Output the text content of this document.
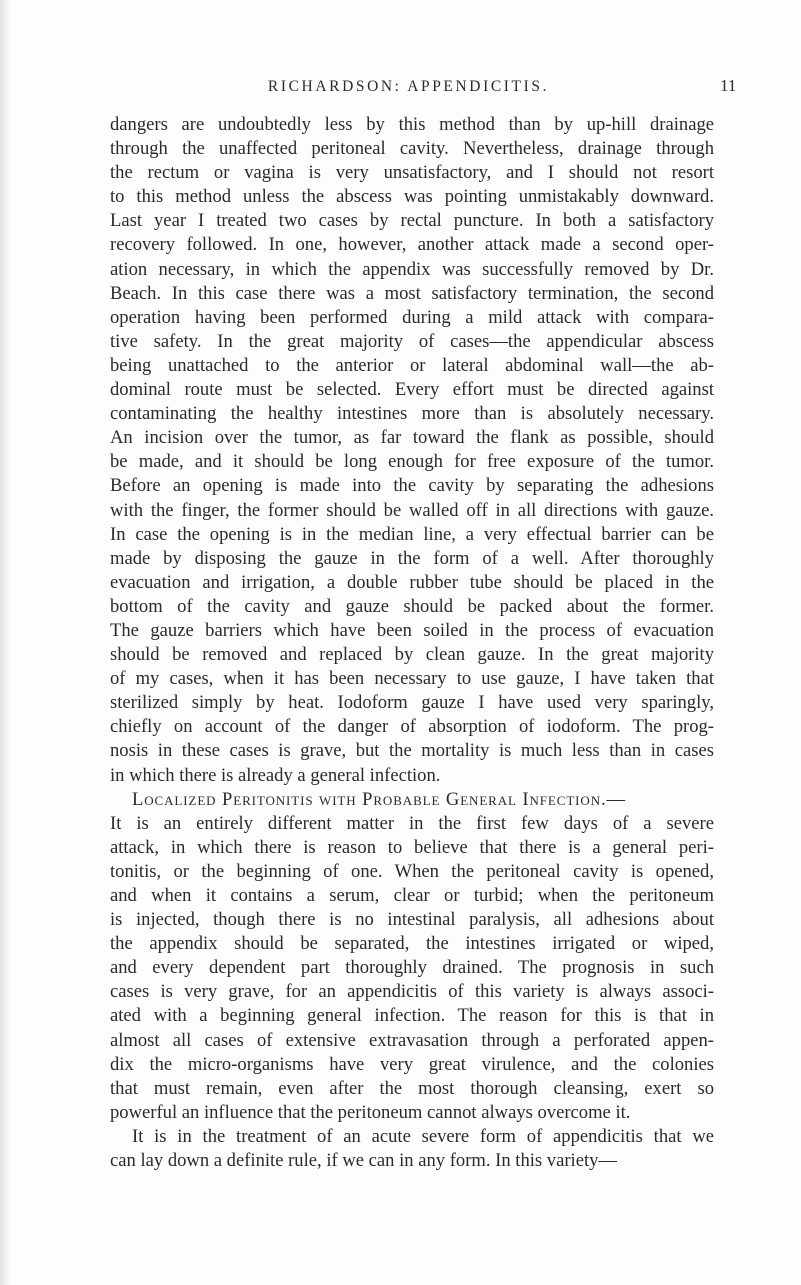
RICHARDSON: APPENDICITIS.	11
dangers are undoubtedly less by this method than by up-hill drainage
through the unaffected peritoneal cavity. Nevertheless, drainage through
the rectum or vagina is very unsatisfactory, and I should not resort
to this method unless the abscess was pointing unmistakably downward.
Last year I treated two cases by rectal puncture. In both a satisfactory
recovery followed. In one, however, another attack made a second oper-
ation necessary, in which the appendix was successfully removed by Dr.
Beach. In this case there was a most satisfactory termination, the second
operation having been performed during a mild attack with compara-
tive safety. In the great majority of cases—the appendicular abscess
being unattached to the anterior or lateral abdominal wall—the ab-
dominal route must be selected. Every effort must be directed against
contaminating the healthy intestines more than is absolutely necessary.
An incision over the tumor, as far toward the flank as possible, should
be made, and it should be long enough for free exposure of the tumor.
Before an opening is made into the cavity by separating the adhesions
with the finger, the former should be walled off in all directions with gauze.
In case the opening is in the median line, a very effectual barrier can be
made by disposing the gauze in the form of a well. After thoroughly
evacuation and irrigation, a double rubber tube should be placed in the
bottom of the cavity and gauze should be packed about the former.
The gauze barriers which have been soiled in the process of evacuation
should be removed and replaced by clean gauze. In the great majority
of my cases, when it has been necessary to use gauze, I have taken that
sterilized simply by heat. Iodoform gauze I have used very sparingly,
chiefly on account of the danger of absorption of iodoform. The prog-
nosis in these cases is grave, but the mortality is much less than in cases
in which there is already a general infection.
Localized Peritonitis with Probable General Infection.—
It is an entirely different matter in the first few days of a severe
attack, in which there is reason to believe that there is a general peri-
tonitis, or the beginning of one. When the peritoneal cavity is opened,
and when it contains a serum, clear or turbid; when the peritoneum
is injected, though there is no intestinal paralysis, all adhesions about
the appendix should be separated, the intestines irrigated or wiped,
and every dependent part thoroughly drained. The prognosis in such
cases is very grave, for an appendicitis of this variety is always associ-
ated with a beginning general infection. The reason for this is that in
almost all cases of extensive extravasation through a perforated appen-
dix the micro-organisms have very great virulence, and the colonies
that must remain, even after the most thorough cleansing, exert so
powerful an influence that the peritoneum cannot always overcome it.
It is in the treatment of an acute severe form of appendicitis that we
can lay down a definite rule, if we can in any form. In this variety—
